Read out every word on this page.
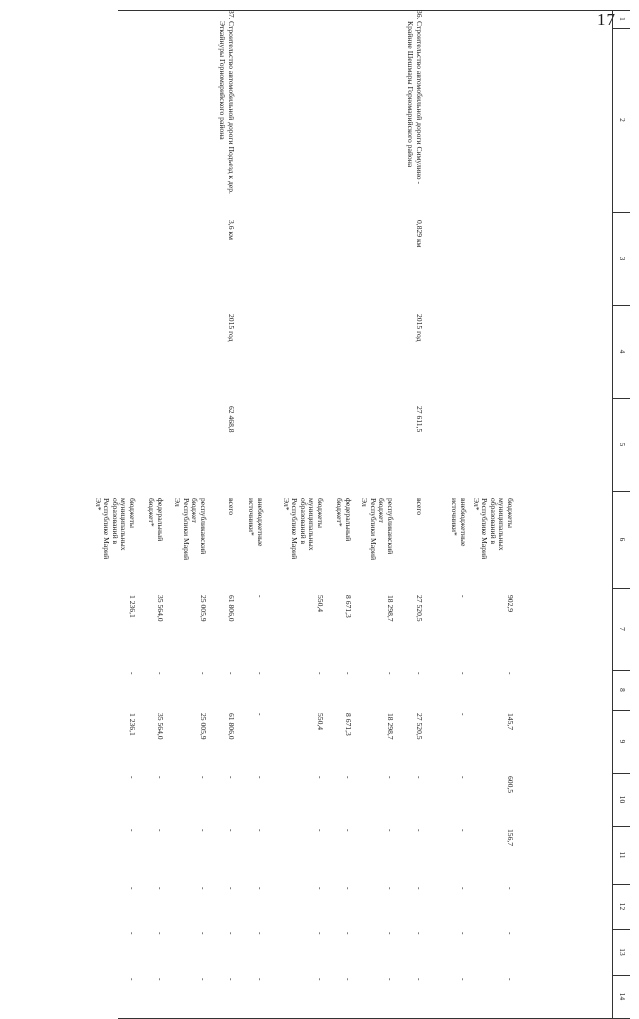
17 1
2
3
4
5
6
7
8
9
10
11
12
13
14
бюджеты муниципальных образований в Республике Марий Эл*
902,9
-
145,7
600,5
156,7
-
-
-
внебюджетные источники*
-
-
-
-
-
-
-
-
36.
Строительство автомобильной дороги Симулино - Крайние Шешмары Горномарийского района
0,829 км
2015 год
27 611,5
всего
27 520,5
-
27 520,5
-
-
-
-
-
республиканский бюджет Республики Марий Эл
18 298,7
-
18 298,7
-
-
-
-
-
федеральный бюджет*
8 671,3
-
8 671,3
-
-
-
-
-
бюджеты муниципальных образований в Республике Марий Эл*
550,4
-
550,4
-
-
-
-
-
внебюджетные источники*
-
-
-
-
-
-
-
-
37.
Строительство автомобильной дороги Подъезд к дер. Эткайнуры Горномарийского района
3,6 км
2015 год
62 468,8
всего
61 806,0
-
61 806,0
-
-
-
-
-
республиканский бюджет Республики Марий Эл
25 005,9
-
25 005,9
-
-
-
-
-
федеральный бюджет*
35 564,0
-
35 564,0
-
-
-
-
-
бюджеты муниципальных образований в Республике Марий Эл*
1 236,1
-
1 236,1
-
-
-
-
-
